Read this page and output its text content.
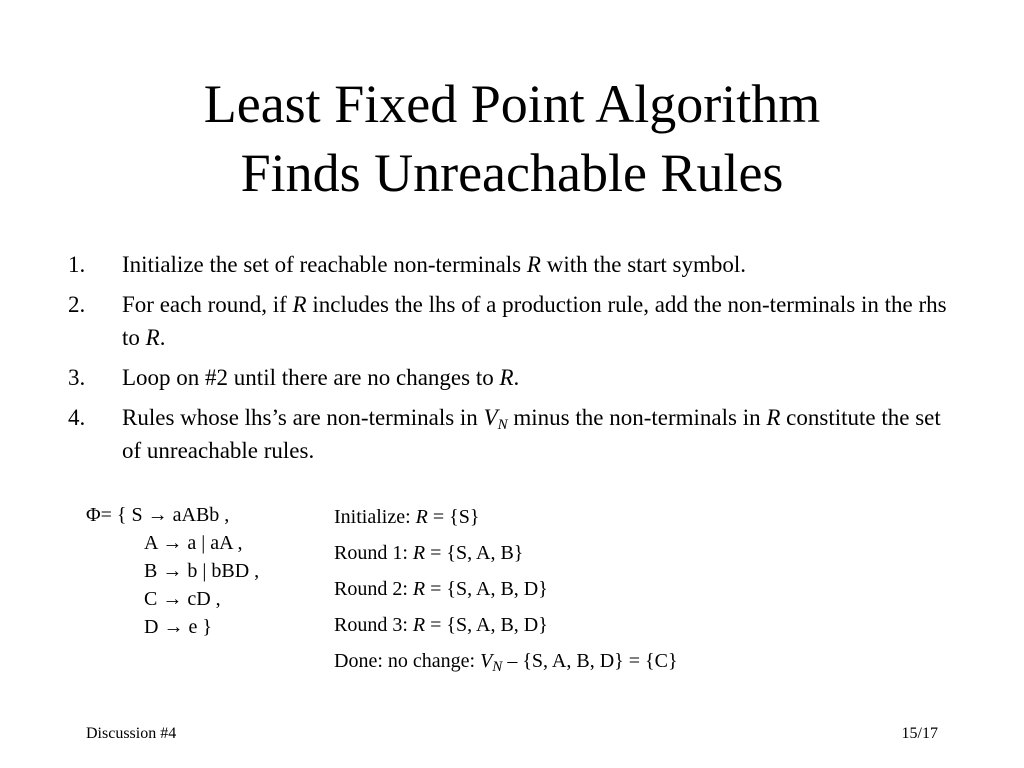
Least Fixed Point Algorithm
Finds Unreachable Rules
1. Initialize the set of reachable non-terminals R with the start symbol.
2. For each round, if R includes the lhs of a production rule, add the non-terminals in the rhs to R.
3. Loop on #2 until there are no changes to R.
4. Rules whose lhs’s are non-terminals in $V_N$ minus the non-terminals in R constitute the set of unreachable rules.
Φ= { S → aABb ,
A → a | aA ,
B → b | bBD ,
C → cD ,
D → e }
Initialize: R = {S}
Round 1: R = {S, A, B}
Round 2: R = {S, A, B, D}
Round 3: R = {S, A, B, D}
Done: no change: $V_N - \{S$, A, B, D} = {C}
Discussion #4	15/17
